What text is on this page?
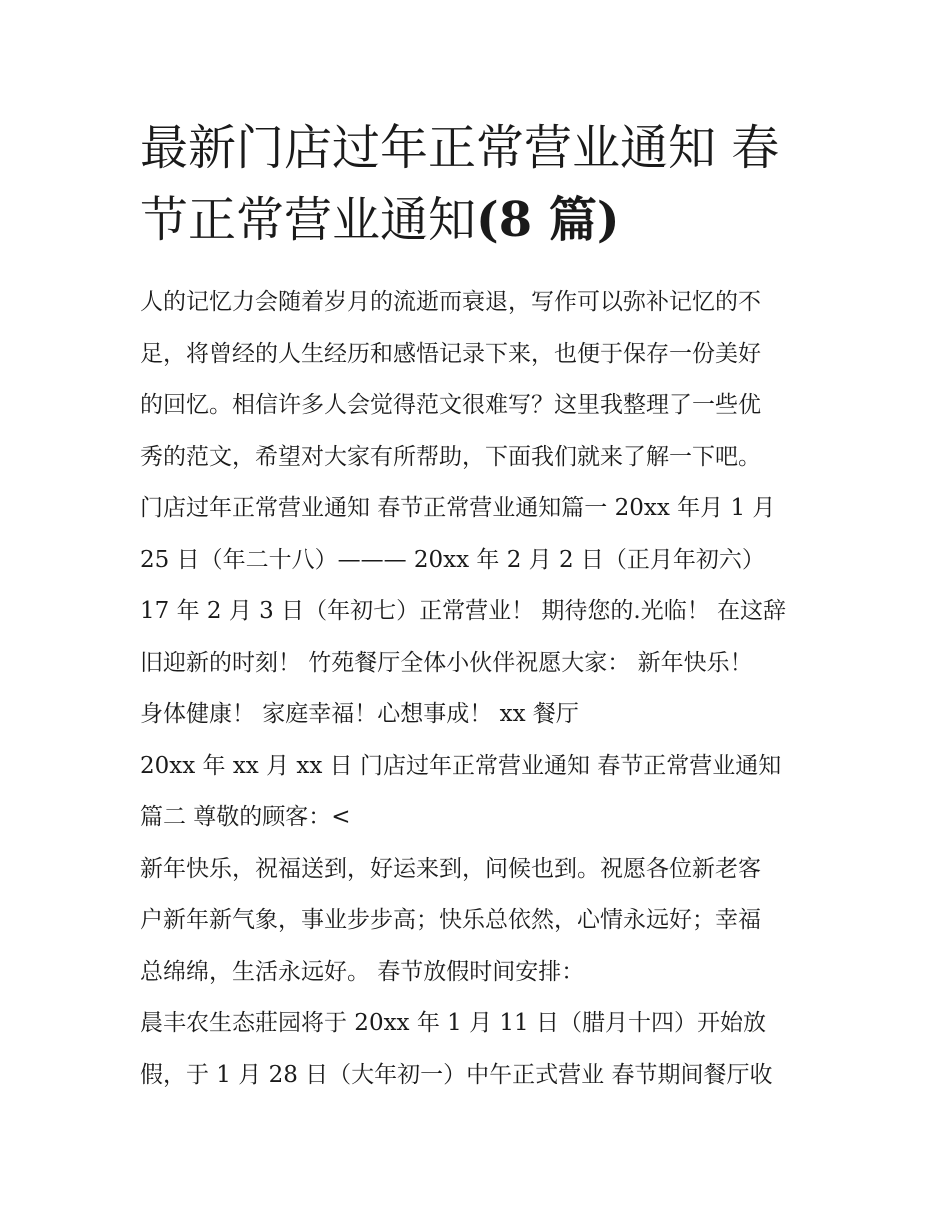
最新门店过年正常营业通知 春
节正常营业通知(8 篇)
人的记忆力会随着岁月的流逝而衰退，写作可以弥补记忆的不
足，将曾经的人生经历和感悟记录下来，也便于保存一份美好
的回忆。相信许多人会觉得范文很难写？这里我整理了一些优
秀的范文，希望对大家有所帮助，下面我们就来了解一下吧。
门店过年正常营业通知 春节正常营业通知篇一 20xx 年月 1 月
25 日（年二十八）——— 20xx 年 2 月 2 日（正月年初六）
17 年 2 月 3 日（年初七）正常营业！ 期待您的.光临！ 在这辞
旧迎新的时刻！ 竹苑餐厅全体小伙伴祝愿大家： 新年快乐！
身体健康！ 家庭幸福！心想事成！ xx 餐厅
20xx 年 xx 月 xx 日 门店过年正常营业通知 春节正常营业通知
篇二 尊敬的顾客：<
新年快乐，祝福送到，好运来到，问候也到。祝愿各位新老客
户新年新气象，事业步步高；快乐总依然，心情永远好；幸福
总绵绵，生活永远好。 春节放假时间安排：
晨丰农生态莊园将于 20xx 年 1 月 11 日（腊月十四）开始放
假，于 1 月 28 日（大年初一）中午正式营业 春节期间餐厅收
